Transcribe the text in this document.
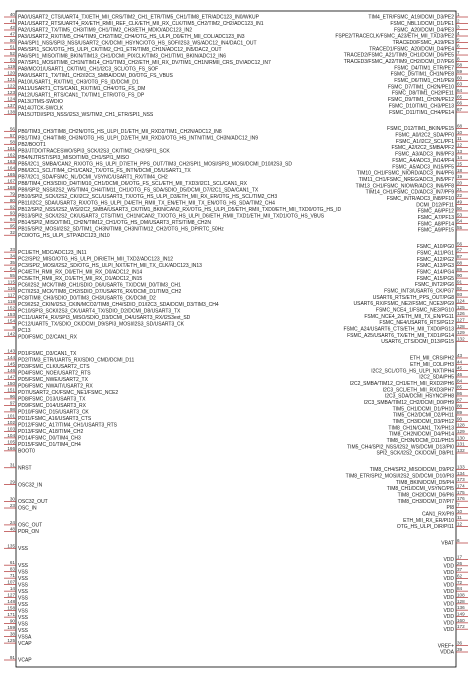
40
PA0/USART2_CTS/UART4_TX/ETH_MII_CRS/TIM2_CH1_ETR/TIM5_CH1/TIM8_ETR/ADC123_IN0/WKUP
41
PA1/USART2_RTS/UART4_RX/ETH_RMII_REF_CLK/ETH_MII_RX_CLK/TIM5_CH2/TIM2_CH2/ADC123_IN1
42
PA2/USART2_TX/TIM5_CH3/TIM9_CH1/TIM2_CH3/ETH_MDIO/ADC123_IN2
47
PA3/USART2_RX/TIM5_CH4/TIM9_CH2/TIM2_CH4/OTG_HS_ULPI_D0/ETH_MII_COL/ADC123_IN3
50
PA4/SPI1_NSS/SPI3_NSS/USART2_CK/DCMI_HSYNC/OTG_HS_SOF/I2S3_WS/ADC12_IN4/DAC1_OUT
51
PA5/SPI1_SCK/OTG_HS_ULPI_CK/TIM2_CH1_ETR/TIM8_CH1N/ADC12_IN5/DAC2_OUT
52
PA6/SPI1_MISO/TIM8_BKIN/TIM13_CH1/DCMI_PIXCLK/TIM3_CH1/TIM1_BKIN/ADC12_IN6
53
PA7/SPI1_MOSI/TIM8_CH1N/TIM14_CH1/TIM3_CH2/ETH_MII_RX_DV/TIM1_CH1N/RMII_CRS_DV/ADC12_IN7
119
PA8/MCO1/USART1_CK/TIM1_CH1/I2C3_SCL/OTG_FS_SOF
120
PA9/USART1_TX/TIM1_CH2/I2C3_SMBA/DCMI_D0/OTG_FS_VBUS
121
PA10/USART1_RX/TIM1_CH3/OTG_FS_ID/DCMI_D1
122
PA11/USART1_CTS/CAN1_RX/TIM1_CH4/OTG_FS_DM
123
PA12/USART1_RTS/CAN1_TX/TIM1_ETR/OTG_FS_DP
124
PA13/JTMS-SWDIO
137
PA14/JTCK-SWCLK
138
PA15/JTDI/SPI3_NSS/I2S3_WS/TIM2_CH1_ETR/SPI1_NSS
56
PB0/TIM3_CH3/TIM8_CH2N/OTG_HS_ULPI_D1/ETH_MII_RXD2/TIM1_CH2N/ADC12_IN8
57
PB1/TIM3_CH4/TIM8_CH3N/OTG_HS_ULPI_D2/ETH_MII_RXD3/OTG_HS_INTN/TIM1_CH3N/ADC12_IN9
58
PB2/BOOT1
161
PB3/JTDO/TRACESWO/SPI3_SCK/I2S3_CK/TIM2_CH2/SPI1_SCK
162
PB4/NJTRST/SPI3_MISO/TIM3_CH1/SPI1_MISO
163
PB5/I2C1_SMBA/CAN2_RX/OTG_HS_ULPI_D7/ETH_PPS_OUT/TIM3_CH2/SPI1_MOSI/SPI3_MOSI/DCMI_D10/I2S3_SD
164
PB6/I2C1_SCL/TIM4_CH1/CAN2_TX/OTG_FS_INTN/DCMI_D5/USART1_TX
165
PB7/I2C1_SDA/FSMC_NL/DCMI_VSYNC/USART1_RX/TIM4_CH2
167
PB8/TIM4_CH3/SDIO_D4/TIM10_CH1/DCMI_D6/OTG_FS_SCL/ETH_MII_TXD3/I2C1_SCL/CAN1_RX
168
PB9/SPI2_NSS/I2S2_WS/TIM4_CH4/TIM11_CH1/OTG_FS_SDA/SDIO_D5/DCMI_D7/I2C1_SDA/CAN1_TX
79
PB10/SPI2_SCK/I2S2_CK/I2C2_SCL/USART3_TX/OTG_HS_ULPI_D3/ETH_MII_RX_ER/OTG_HS_SCL/TIM2_CH3
80
PB11/I2C2_SDA/USART3_RX/OTG_HS_ULPI_D4/ETH_RMII_TX_EN/ETH_MII_TX_EN/OTG_HS_SDA/TIM2_CH4
92
PB12/SPI2_NSS/I2S2_WS/I2C2_SMBA/USART3_CK/TIM1_BKIN/CAN2_RX/OTG_HS_ULPI_D5/ETH_RMII_TXD0/ETH_MII_TXD0/OTG_HS_ID
93
PB13/SPI2_SCK/I2S2_CK/USART3_CTS/TIM1_CH1N/CAN2_TX/OTG_HS_ULPI_D6/ETH_RMII_TXD1/ETH_MII_TXD1/OTG_HS_VBUS
94
PB14/SPI2_MISO/TIM1_CH2N/TIM12_CH1/OTG_HS_DM/USART3_RTS/TIM8_CH2N
95
PB15/SPI2_MOSI/I2S2_SD/TIM1_CH3N/TIM8_CH3N/TIM12_CH2/OTG_HS_DP/RTC_50Hz
32
PC0/OTG_HS_ULPI_STP/ADC123_IN10
33
PC1/ETH_MDC/ADC123_IN11
34
PC2/SPI2_MISO/OTG_HS_ULPI_DIR/ETH_MII_TXD2/ADC123_IN12
35
PC3/SPI2_MOSI/I2S2_SD/OTG_HS_ULPI_NXT/ETH_MII_TX_CLK/ADC123_IN13
54
PC4/ETH_RMII_RX_D0/ETH_MII_RX_D0/ADC12_IN14
55
PC5/ETH_RMII_RX_D1/ETH_MII_RX_D1/ADC12_IN15
115
PC6/I2S2_MCK/TIM8_CH1/SDIO_D6/USART6_TX/DCMI_D0/TIM3_CH1
116
PC7/I2S3_MCK/TIM8_CH2/SDIO_D7/USART6_RX/DCMI_D1/TIM3_CH2
117
PC8/TIM8_CH3/SDIO_D0/TIM3_CH3/USART6_CK/DCMI_D2
118
PC9/I2S2_CKIN/I2S3_CKIN/MCO2/TIM8_CH4/SDIO_D1/I2C3_SDA/DCMI_D3/TIM3_CH4
152
PC10/SPI3_SCK/I2S3_CK/UART4_TX/SDIO_D2/DCMI_D8/USART3_TX
153
PC11/UART4_RX/SPI3_MISO/SDIO_D3/DCMI_D4/USART3_RX/I2S3ext_SD
154
PC12/UART5_TX/SDIO_CK/DCMI_D9/SPI3_MOSI/I2S3_SD/USART3_CK
9
PC13
142
PD0/FSMC_D2/CAN1_RX
143
PD1/FSMC_D3/CAN1_TX
144
PD2/TIM3_ETR/UART5_RX/SDIO_CMD/DCMI_D11
145
PD3/FSMC_CLK/USART2_CTS
146
PD4/FSMC_NOE/USART2_RTS
147
PD5/FSMC_NWE/USART2_TX
150
PD6/FSMC_NWAIT/USART2_RX
151
PD7/USART2_CK/FSMC_NE1/FSMC_NCE2
96
PD8/FSMC_D13/USART3_TX
97
PD9/FSMC_D14/USART3_RX
98
PD10/FSMC_D15/USART3_CK
101
PD11/FSMC_A16/USART3_CTS
102
PD12/FSMC_A17/TIM4_CH1/USART3_RTS
103
PD13/FSMC_A18/TIM4_CH2
104
PD14/FSMC_D0/TIM4_CH3
105
PD15/FSMC_D1/TIM4_CH4
166
BOOT0
31
NRST
29
OSC32_IN
30
OSC32_OUT
23
OSC_IN
24
OSC_OUT
48
PDR_ON
135
VSS
61
VSS
83
VSS
71
VSS
107
VSS
14
VSS
127
VSS
148
VSS
158
VSS
171
VSS
90
VSS
159
VSS
38
VSSA
125
VCAP
91
VCAP
1
TIM4_ETR/FSMC_A19/DCMI_D3/PE2
2
FSMC_NBL1/DCMI_D1/PE1
3
FSMC_A20/DCMI_D4/PE3
4
FSPE2/TRACECLK/FSMC_A23/ETH_MII_TXD3/PE2
5
TRACED0/FSMC_A19/PE3
6
TRACED1/FSMC_A20/DCMI_D4/PE4
7
TRACED2/FSMC_A21/TIM9_CH1/DCMI_D6/PE5
8
TRACED3/FSMC_A22/TIM9_CH2/DCMI_D7/PE6
58
FSMC_D4/TIM1_ETR/PE7
59
FSMC_D5/TIM1_CH1N/PE8
60
FSMC_D6/TIM1_CH1/PE9
63
FSMC_D7/TIM1_CH2N/PE10
64
FSMC_D8/TIM1_CH2/PE11
65
FSMC_D9/TIM1_CH3N/PE12
66
FSMC_D10/TIM1_CH3/PE13
67
FSMC_D11/TIM1_CH4/PE14
68
FSMC_D12/TIM1_BKIN/PE15
10
FSMC_A0/I2C2_SDA/PF0
11
FSMC_A1/I2C2_SCL/PF1
12
FSMC_A2/I2C2_SMBA/PF2
13
FSMC_A3/ADC3_IN9/PF3
14
FSMC_A4/ADC3_IN14/PF4
15
FSMC_A5/ADC3_IN15/PF5
18
TIM10_CH1/FSMC_NIORD/ADC3_IN4/PF6
19
TIM11_CH1/FSMC_NREG/ADC3_IN5/PF7
20
TIM13_CH1/FSMC_NIOWR/ADC3_IN6/PF8
21
TIM14_CH1/FSMC_CD/ADC3_IN7/PF9
22
FSMC_INTR/ADC3_IN8/PF10
49
DCMI_D12/PF11
50
FSMC_A6/PF12
53
FSMC_A7/PF13
54
FSMC_A8/PF14
55
FSMC_A9/PF15
56
FSMC_A10/PG0
57
FSMC_A11/PG1
87
FSMC_A12/PG2
88
FSMC_A13/PG3
89
FSMC_A14/PG4
90
FSMC_A15/PG5
91
FSMC_INT2/PG6
92
FSMC_INT3/USART6_CK/PG7
93
USART6_RTS/ETH_PPS_OUT/PG8
124
USART6_RX/FSMC_NE2/FSMC_NCE3/PG9
125
FSMC_NCE4_1/FSMC_NE3/PG10
126
FSMC_NCE4_2/ETH_MII_TX_EN/PG11
127
FSMC_NE4/USART6_RTS/PG12
128
FSMC_A24/USART6_CTS/ETH_MII_TXD0/PG13
129
FSMC_A25/USART6_TX/ETH_MII_TXD1/PG14
132
USART6_CTS/DCMI_D13/PG15
43
ETH_MII_CRS/PH2
44
ETH_MII_COL/PH3
45
I2C2_SCL/OTG_HS_ULPI_NXT/PH4
46
I2C2_SDA/PH5
84
I2C2_SMBA/TIM12_CH1/ETH_MII_RXD2/PH6
85
I2C3_SCL/ETH_MII_RXD3/PH7
86
I2C3_SDA/DCMI_HSYNC/PH8
87
I2C3_SMBA/TIM12_CH2/DCMI_D0/PH9
88
TIM5_CH1/DCMI_D1/PH10
89
TIM5_CH2/DCMI_D2/PH11
90
TIM5_CH3/DCMI_D3/PH12
128
TIM8_CH1N/CAN1_TX/PH13
129
TIM8_CH2N/DCMI_D4/PH14
130
TIM8_CH3N/DCMI_D11/PH15
131
TIM5_CH4/SPI2_NSS/I2S2_WS/DCMI_D13/PI0
132
SPI2_SCK/I2S2_CK/DCMI_D8/PI1
133
TIM8_CH4/SPI2_MISO/DCMI_D9/PI2
134
TIM8_ETR/SPI2_MOSI/I2S2_SD/DCMI_D10/PI3
173
TIM8_BKIN/DCMI_D5/PI4
174
TIM8_CH1/DCMI_VSYNC/PI5
175
TIM8_CH2/DCMI_D6/PI6
176
TIM8_CH3/DCMI_D7/PI7
7
PI8
10
CAN1_RX/PI9
11
ETH_MII_RX_ER/PI10
12
OTG_HS_ULPI_DIR/PI11
6
VBAT
17
VDD
26
VDD
37
VDD
62
VDD
72
VDD
84
VDD
108
VDD
128
VDD
136
VDD
149
VDD
160
VDD
172
VDD
36
VREF+
39
VDDA
